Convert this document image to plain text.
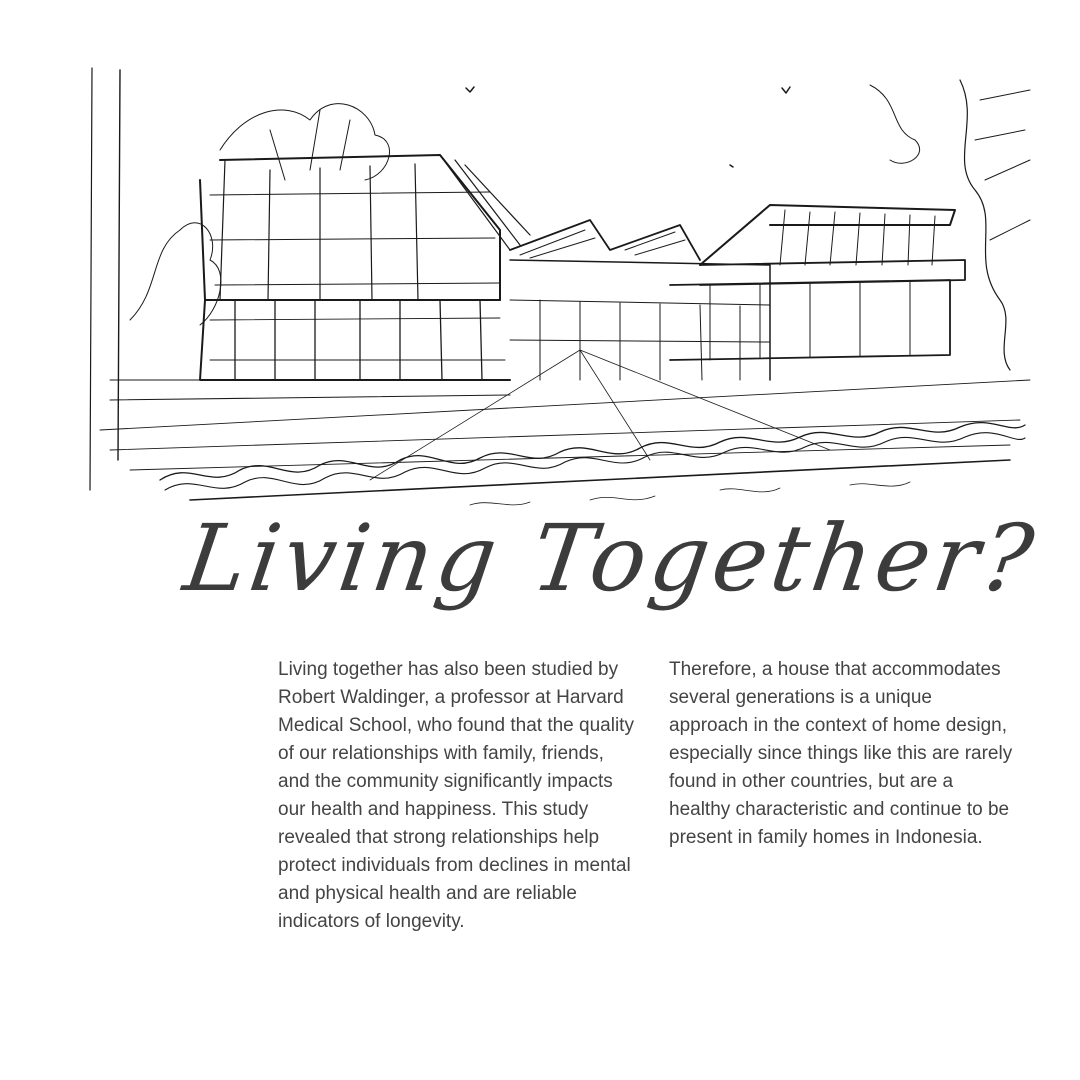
Living Together?

Living together has also been studied by Robert Waldinger, a professor at Harvard Medical School, who found that the quality of our relationships with family, friends, and the community significantly impacts our health and happiness. This study revealed that strong relationships help protect individuals from declines in mental and physical health and are reliable indicators of longevity.

Therefore, a house that accommodates several generations is a unique approach in the context of home design, especially since things like this are rarely found in other countries, but are a healthy characteristic and continue to be present in family homes in Indonesia.
